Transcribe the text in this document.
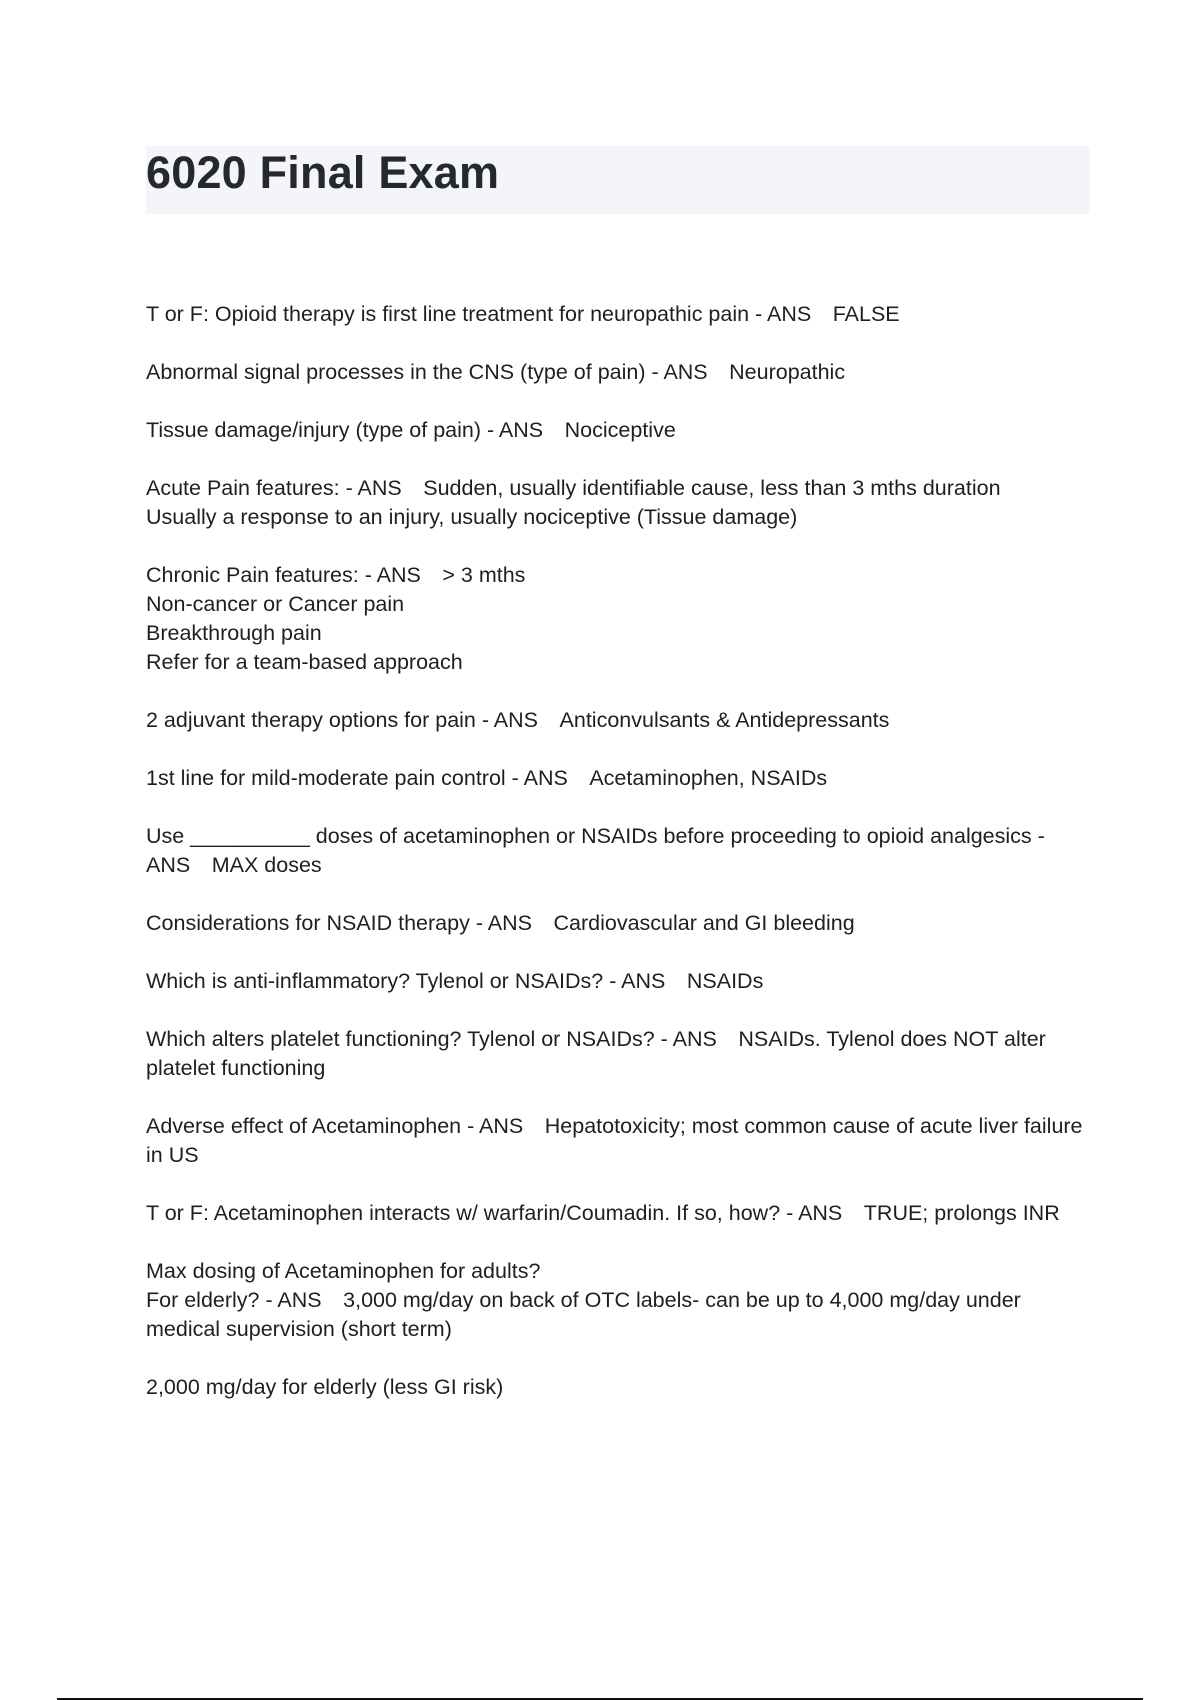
6020 Final Exam

T or F: Opioid therapy is first line treatment for neuropathic pain - ANS  FALSE

Abnormal signal processes in the CNS (type of pain) - ANS  Neuropathic

Tissue damage/injury (type of pain) - ANS  Nociceptive

Acute Pain features: - ANS  Sudden, usually identifiable cause, less than 3 mths duration
Usually a response to an injury, usually nociceptive (Tissue damage)

Chronic Pain features: - ANS  > 3 mths
Non-cancer or Cancer pain
Breakthrough pain
Refer for a team-based approach

2 adjuvant therapy options for pain - ANS  Anticonvulsants & Antidepressants

1st line for mild-moderate pain control - ANS  Acetaminophen, NSAIDs

Use __________ doses of acetaminophen or NSAIDs before proceeding to opioid analgesics - ANS  MAX doses

Considerations for NSAID therapy - ANS  Cardiovascular and GI bleeding

Which is anti-inflammatory? Tylenol or NSAIDs? - ANS  NSAIDs

Which alters platelet functioning? Tylenol or NSAIDs? - ANS  NSAIDs. Tylenol does NOT alter platelet functioning

Adverse effect of Acetaminophen - ANS  Hepatotoxicity; most common cause of acute liver failure in US

T or F: Acetaminophen interacts w/ warfarin/Coumadin. If so, how? - ANS  TRUE; prolongs INR

Max dosing of Acetaminophen for adults?
For elderly? - ANS  3,000 mg/day on back of OTC labels- can be up to 4,000 mg/day under medical supervision (short term)

2,000 mg/day for elderly (less GI risk)
